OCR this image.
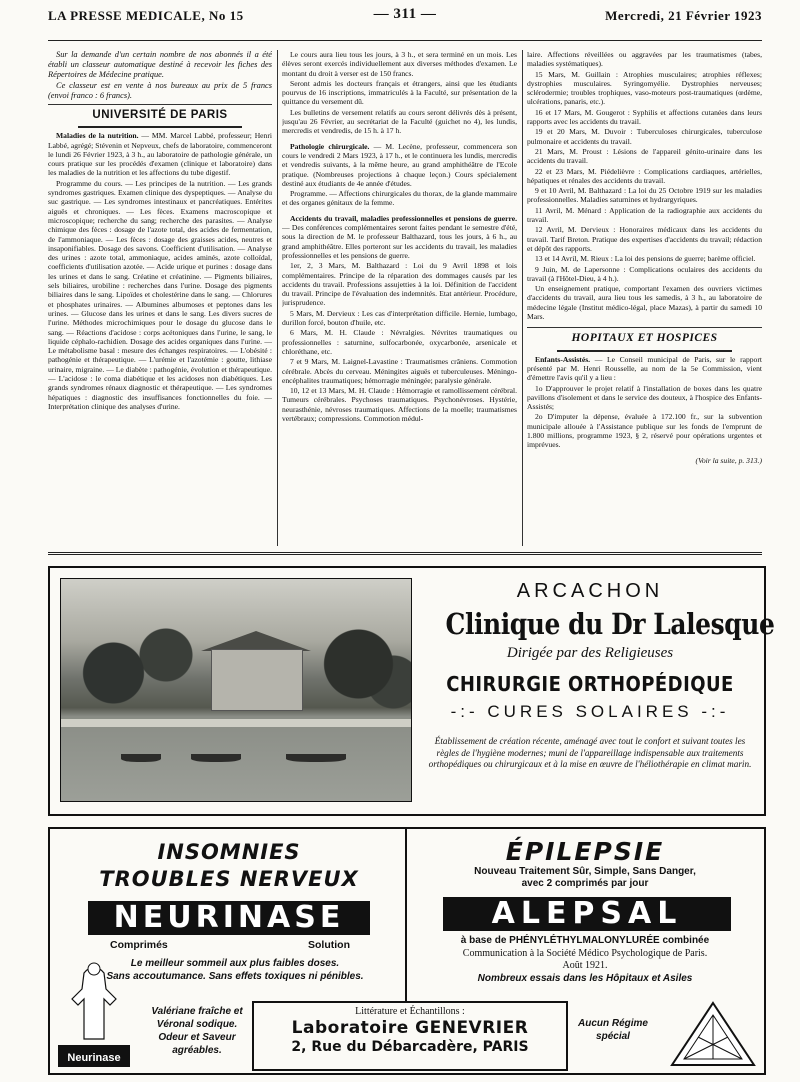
LA PRESSE MEDICALE, No 15	— 311 —	Mercredi, 21 Février 1923

Sur la demande d'un certain nombre de nos abonnés il a été établi un classeur automatique destiné à recevoir les fiches des Répertoires de Médecine pratique.

Ce classeur est en vente à nos bureaux au prix de 5 francs (envoi franco : 6 francs).

UNIVERSITÉ DE PARIS

Maladies de la nutrition. — MM. Marcel Labbé, professeur; Henri Labbé, agrégé; Stévenin et Nepveux, chefs de laboratoire, commenceront le lundi 26 Février 1923, à 3 h., au laboratoire de pathologie générale, un cours pratique sur les procédés d'examen (clinique et laboratoire) dans les maladies de la nutrition et les affections du tube digestif.

Programme du cours. — Les principes de la nutrition. — Les grands syndromes gastriques. Examen clinique des dyspeptiques. — Analyse du suc gastrique. — Les syndromes intestinaux et pancréatiques. Entérites aiguës et chroniques. — Les fèces. Examens macroscopique et microscopique; recherche du sang; recherche des parasites. — Analyse chimique des fèces : dosage de l'azote total, des acides de fermentation, de l'ammoniaque. — Les fèces : dosage des graisses acides, neutres et insaponifiables. Dosage des savons. Coefficient d'utilisation. — Analyse des urines : azote total, ammoniaque, acides aminés, azote colloïdal, coefficients d'utilisation azotée. — Acide urique et purines : dosage dans les urines et dans le sang. Créatine et créatinine. — Pigments biliaires, sels biliaires, urobiline : recherches dans l'urine. Dosage des pigments biliaires dans le sang. Lipoïdes et cholestérine dans le sang. — Chlorures et phosphates urinaires. — Albumines albumoses et peptones dans les urines. — Glucose dans les urines et dans le sang. Les divers sucres de l'urine. Méthodes microchimiques pour le dosage du glucose dans le sang. — Réactions d'acidose : corps acétoniques dans l'urine, le sang, le liquide céphalo-rachidien. Dosage des acides organiques dans l'urine. — Le métabolisme basal : mesure des échanges respiratoires. — L'obésité : pathogénie et thérapeutique. — L'urémie et l'azotémie : goutte, lithiase urinaire, migraine. — Le diabète : pathogénie, évolution et thérapeutique. — L'acidose : le coma diabétique et les acidoses non diabétiques. Les grands syndromes rénaux diagnostic et thérapeutique. — Les syndromes hépatiques : diagnostic des insuffisances fonctionnelles du foie. — Interprétation clinique des analyses d'urine.

Le cours aura lieu tous les jours, à 3 h., et sera terminé en un mois. Les élèves seront exercés individuellement aux diverses méthodes d'examen. Le montant du droit à verser est de 150 francs.

Seront admis les docteurs français et étrangers, ainsi que les étudiants pourvus de 16 inscriptions, immatriculés à la Faculté, sur présentation de la quittance du versement dû.

Les bulletins de versement relatifs au cours seront délivrés dès à présent, jusqu'au 26 Février, au secrétariat de la Faculté (guichet no 4), les lundis, mercredis et vendredis, de 15 h. à 17 h.

Pathologie chirurgicale. — M. Lecène, professeur, commencera son cours le vendredi 2 Mars 1923, à 17 h., et le continuera les lundis, mercredis et vendredis suivants, à la même heure, au grand amphithéâtre de l'Ecole pratique. (Nombreuses projections à chaque leçon.) Cours spécialement destiné aux étudiants de 4e année d'études.

Programme. — Affections chirurgicales du thorax, de la glande mammaire et des organes génitaux de la femme.

Accidents du travail, maladies professionnelles et pensions de guerre. — Des conférences complémentaires seront faites pendant le semestre d'été, sous la direction de M. le professeur Balthazard, tous les jours, à 6 h., au grand amphithéâtre. Elles porteront sur les accidents du travail, les maladies professionnelles et les pensions de guerre.

1er, 2, 3 Mars, M. Balthazard : Loi du 9 Avril 1898 et lois complémentaires. Principe de la réparation des dommages causés par les accidents du travail. Professions assujetties à la loi. Définition de l'accident du travail. Principe de l'évaluation des indemnités. Etat antérieur. Procédure, jurisprudence.

5 Mars, M. Dervieux : Les cas d'interprétation difficile. Hernie, lumbago, durillon forcé, bouton d'huile, etc.

6 Mars, M. H. Claude : Névralgies. Névrites traumatiques ou professionnelles : saturnine, sulfocarbonée, oxycarbonée, arsenicale et chloréthane, etc.

7 et 9 Mars, M. Laignel-Lavastine : Traumatismes crâniens. Commotion cérébrale. Abcès du cerveau. Méningites aiguës et tuberculeuses. Méningo-encéphalites traumatiques; hémorragie méningée; paralysie générale.

10, 12 et 13 Mars, M. H. Claude : Hémorragie et ramollissement cérébral. Tumeurs cérébrales. Psychoses traumatiques. Psychonévroses. Hystérie, neurasthénie, névroses traumatiques. Affections de la moelle; traumatismes vertébraux; compressions. Commotion médul-

laire. Affections réveillées ou aggravées par les traumatismes (tabes, maladies systématiques).

15 Mars, M. Guillain : Atrophies musculaires; atrophies réflexes; dystrophies musculaires. Syringomyélie. Dystrophies nerveuses; sclérodermie; troubles trophiques, vaso-moteurs post-traumatiques (œdème, ulcérations, panaris, etc.).

16 et 17 Mars, M. Gougerot : Syphilis et affections cutanées dans leurs rapports avec les accidents du travail.

19 et 20 Mars, M. Duvoir : Tuberculoses chirurgicales, tuberculose pulmonaire et accidents du travail.

21 Mars, M. Proust : Lésions de l'appareil génito-urinaire dans les accidents du travail.

22 et 23 Mars, M. Piédelièvre : Complications cardiaques, artérielles, hépatiques et rénales des accidents du travail.

9 et 10 Avril, M. Balthazard : La loi du 25 Octobre 1919 sur les maladies professionnelles. Maladies saturnines et hydrargyriques.

11 Avril, M. Ménard : Application de la radiographie aux accidents du travail.

12 Avril, M. Dervieux : Honoraires médicaux dans les accidents du travail. Tarif Breton. Pratique des expertises d'accidents du travail; rédaction et dépôt des rapports.

13 et 14 Avril, M. Rieux : La loi des pensions de guerre; barème officiel.

9 Juin, M. de Lapersonne : Complications oculaires des accidents du travail (à l'Hôtel-Dieu, à 4 h.).

Un enseignement pratique, comportant l'examen des ouvriers victimes d'accidents du travail, aura lieu tous les samedis, à 3 h., au laboratoire de médecine légale (Institut médico-légal, place Mazas), à partir du samedi 10 Mars.

HOPITAUX ET HOSPICES

Enfants-Assistés. — Le Conseil municipal de Paris, sur le rapport présenté par M. Henri Rousselle, au nom de la 5e Commission, vient d'émettre l'avis qu'il y a lieu :

1o D'approuver le projet relatif à l'installation de boxes dans les quatre pavillons d'isolement et dans le service des douteux, à l'hospice des Enfants-Assistés;

2o D'imputer la dépense, évaluée à 172.100 fr., sur la subvention municipale allouée à l'Assistance publique sur les fonds de l'emprunt de 1.800 millions, programme 1923, § 2, réservé pour opérations urgentes et imprévues.

(Voir la suite, p. 313.)
ARCACHON
Clinique du Dr Lalesque
Dirigée par des Religieuses
CHIRURGIE ORTHOPÉDIQUE
-:- CURES SOLAIRES -:-
Établissement de création récente, aménagé avec tout le confort et suivant toutes les règles de l'hygiène modernes; muni de l'appareillage indispensable aux traitements orthopédiques ou chirurgicaux et à la mise en œuvre de l'héliothérapie en climat marin.
INSOMNIES
TROUBLES NERVEUX
NEURINASE
Comprimés	Solution
Le meilleur sommeil aux plus faibles doses.
Sans accoutumance. Sans effets toxiques ni pénibles.
ÉPILEPSIE
Nouveau Traitement Sûr, Simple, Sans Danger,
avec 2 comprimés par jour
ALEPSAL
à base de PHÉNYLÉTHYLMALONYLURÉE combinée
Communication à la Société Médico Psychologique de Paris.
Août 1921.
Nombreux essais dans les Hôpitaux et Asiles
Neurinase
Valériane fraîche et Véronal sodique. Odeur et Saveur agréables.
Littérature et Échantillons :
Laboratoire GENEVRIER
2, Rue du Débarcadère, PARIS
Aucun Régime spécial
